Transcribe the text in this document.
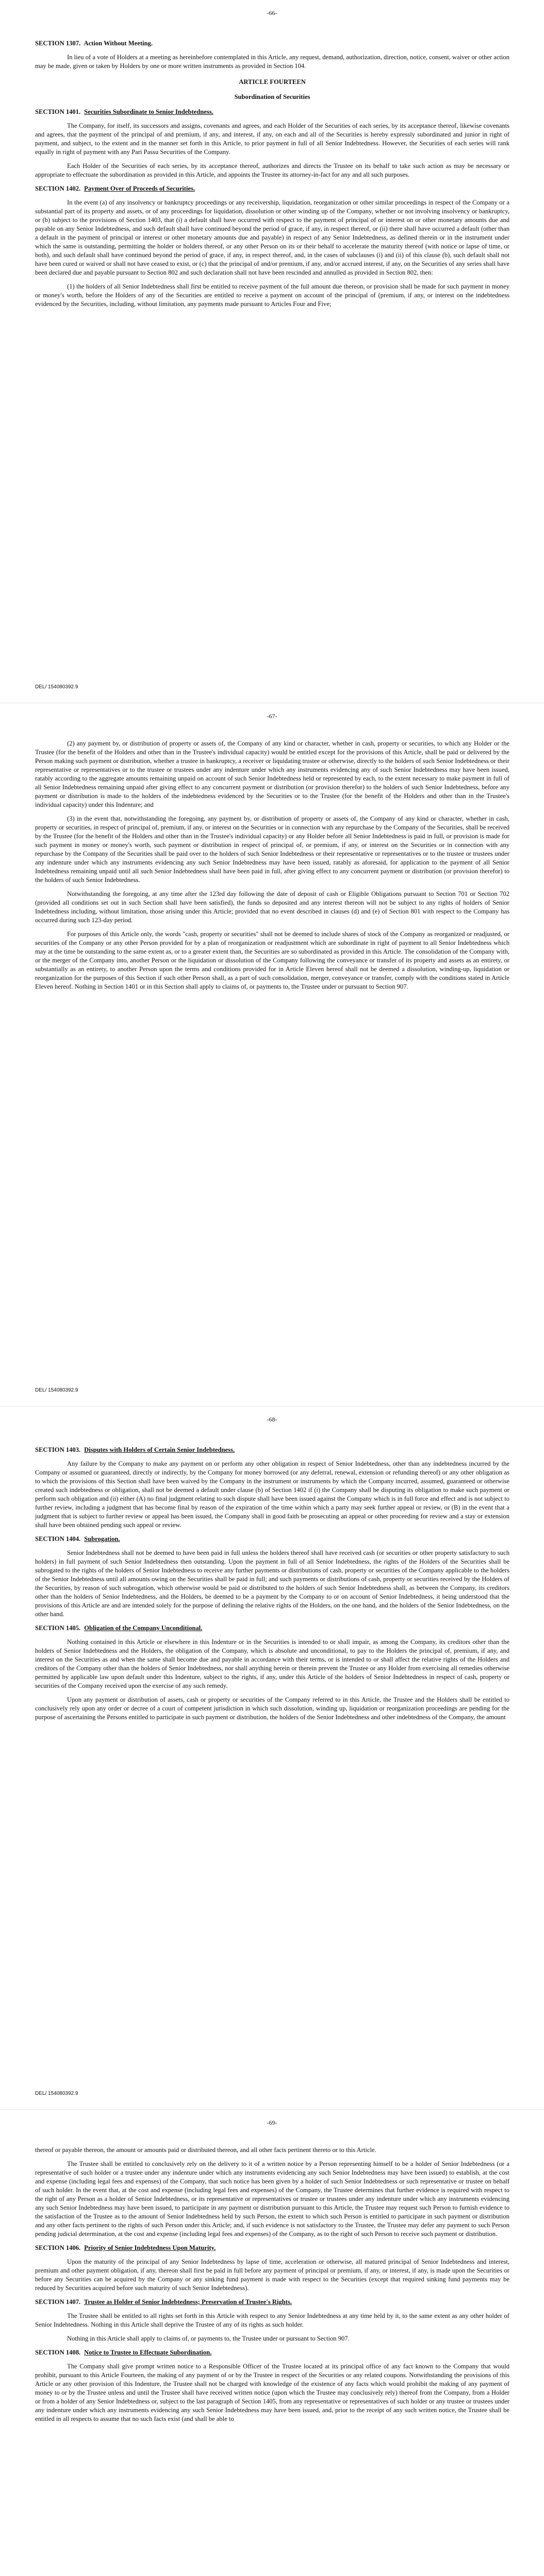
-66-
SECTION 1307. Action Without Meeting.

In lieu of a vote of Holders at a meeting as hereinbefore contemplated in this Article, any request, demand, authorization, direction, notice, consent, waiver or other action may be made, given or taken by Holders by one or more written instruments as provided in Section 104.

ARTICLE FOURTEEN

Subordination of Securities
SECTION 1401. Securities Subordinate to Senior Indebtedness.

The Company, for itself, its successors and assigns, covenants and agrees, and each Holder of the Securities of each series, by its acceptance thereof, likewise covenants and agrees, that the payment of the principal of and premium, if any, and interest, if any, on each and all of the Securities is hereby expressly subordinated and junior in right of payment, and subject, to the extent and in the manner set forth in this Article, to prior payment in full of all Senior Indebtedness. However, the Securities of each series will rank equally in right of payment with any Pari Passu Securities of the Company.

Each Holder of the Securities of each series, by its acceptance thereof, authorizes and directs the Trustee on its behalf to take such action as may be necessary or appropriate to effectuate the subordination as provided in this Article, and appoints the Trustee its attorney-in-fact for any and all such purposes.

SECTION 1402. Payment Over of Proceeds of Securities.

In the event (a) of any insolvency or bankruptcy proceedings or any receivership, liquidation, reorganization or other similar proceedings in respect of the Company or a substantial part of its property and assets, or of any proceedings for liquidation, dissolution or other winding up of the Company, whether or not involving insolvency or bankruptcy, or (b) subject to the provisions of Section 1403, that (i) a default shall have occurred with respect to the payment of principal of or interest on or other monetary amounts due and payable on any Senior Indebtedness, and such default shall have continued beyond the period of grace, if any, in respect thereof, or (ii) there shall have occurred a default (other than a default in the payment of principal or interest or other monetary amounts due and payable) in respect of any Senior Indebtedness, as defined therein or in the instrument under which the same is outstanding, permitting the holder or holders thereof, or any other Person on its or their behalf to accelerate the maturity thereof (with notice or lapse of time, or both), and such default shall have continued beyond the period of grace, if any, in respect thereof, and, in the cases of subclauses (i) and (ii) of this clause (b), such default shall not have been cured or waived or shall not have ceased to exist, or (c) that the principal of and/or premium, if any, and/or accrued interest, if any, on the Securities of any series shall have been declared due and payable pursuant to Section 802 and such declaration shall not have been rescinded and annulled as provided in Section 802, then:

(1) the holders of all Senior Indebtedness shall first be entitled to receive payment of the full amount due thereon, or provision shall be made for such payment in money or money's worth, before the Holders of any of the Securities are entitled to receive a payment on account of the principal of (premium, if any, or interest on the indebtedness evidenced by the Securities, including, without limitation, any payments made pursuant to Articles Four and Five;

DEL/ 154080392.9
-67-

(2) any payment by, or distribution of property or assets of, the Company of any kind or character, whether in cash, property or securities, to which any Holder or the Trustee (for the benefit of the Holders and other than in the Trustee's individual capacity) would be entitled except for the provisions of this Article, shall be paid or delivered by the Person making such payment or distribution, whether a trustee in bankruptcy, a receiver or liquidating trustee or otherwise, directly to the holders of such Senior Indebtedness or their representative or representatives or to the trustee or trustees under any indenture under which any instruments evidencing any of such Senior Indebtedness may have been issued, ratably according to the aggregate amounts remaining unpaid on account of such Senior Indebtedness held or represented by each, to the extent necessary to make payment in full of all Senior Indebtedness remaining unpaid after giving effect to any concurrent payment or distribution (or provision therefor) to the holders of such Senior Indebtedness, before any payment or distribution is made to the holders of the indebtedness evidenced by the Securities or to the Trustee (for the benefit of the Holders and other than in the Trustee's individual capacity) under this Indenture; and

(3) in the event that, notwithstanding the foregoing, any payment by, or distribution of property or assets of, the Company of any kind or character, whether in cash, property or securities, in respect of principal of, premium, if any, or interest on the Securities or in connection with any repurchase by the Company of the Securities, shall be received by the Trustee (for the benefit of the Holders and other than in the Trustee's individual capacity) or any Holder before all Senior Indebtedness is paid in full, or provision is made for such payment in money or money's worth, such payment or distribution in respect of principal of, or premium, if any, or interest on the Securities or in connection with any repurchase by the Company of the Securities shall be paid over to the holders of such Senior Indebtedness or their representative or representatives or to the trustee or trustees under any indenture under which any instruments evidencing any such Senior Indebtedness may have been issued, ratably as aforesaid, for application to the payment of all Senior Indebtedness remaining unpaid until all such Senior Indebtedness shall have been paid in full, after giving effect to any concurrent payment or distribution (or provision therefor) to the holders of such Senior Indebtedness.

Notwithstanding the foregoing, at any time after the 123rd day following the date of deposit of cash or Eligible Obligations pursuant to Section 701 or Section 702 (provided all conditions set out in such Section shall have been satisfied), the funds so deposited and any interest thereon will not be subject to any rights of holders of Senior Indebtedness including, without limitation, those arising under this Article; provided that no event described in clauses (d) and (e) of Section 801 with respect to the Company has occurred during such 123-day period.

For purposes of this Article only, the words "cash, property or securities" shall not be deemed to include shares of stock of the Company as reorganized or readjusted, or securities of the Company or any other Person provided for by a plan of reorganization or readjustment which are subordinate in right of payment to all Senior Indebtedness which may at the time be outstanding to the same extent as, or to a greater extent than, the Securities are so subordinated as provided in this Article. The consolidation of the Company with, or the merger of the Company into, another Person or the liquidation or dissolution of the Company following the conveyance or transfer of its property and assets as an entirety, or substantially as an entirety, to another Person upon the terms and conditions provided for in Article Eleven hereof shall not be deemed a dissolution, winding-up, liquidation or reorganization for the purposes of this Section if such other Person shall, as a part of such consolidation, merger, conveyance or transfer, comply with the conditions stated in Article Eleven hereof. Nothing in Section 1401 or in this Section shall apply to claims of, or payments to, the Trustee under or pursuant to Section 907.

DEL/ 154080392.9
-68-
SECTION 1403. Disputes with Holders of Certain Senior Indebtedness.

Any failure by the Company to make any payment on or perform any other obligation in respect of Senior Indebtedness, other than any indebtedness incurred by the Company or assumed or guaranteed, directly or indirectly, by the Company for money borrowed (or any deferral, renewal, extension or refunding thereof) or any other obligation as to which the provisions of this Section shall have been waived by the Company in the instrument or instruments by which the Company incurred, assumed, guaranteed or otherwise created such indebtedness or obligation, shall not be deemed a default under clause (b) of Section 1402 if (i) the Company shall be disputing its obligation to make such payment or perform such obligation and (ii) either (A) no final judgment relating to such dispute shall have been issued against the Company which is in full force and effect and is not subject to further review, including a judgment that has become final by reason of the expiration of the time within which a party may seek further appeal or review, or (B) in the event that a judgment that is subject to further review or appeal has been issued, the Company shall in good faith be prosecuting an appeal or other proceeding for review and a stay or extension shall have been obtained pending such appeal or review.

SECTION 1404. Subrogation.

Senior Indebtedness shall not be deemed to have been paid in full unless the holders thereof shall have received cash (or securities or other property satisfactory to such holders) in full payment of such Senior Indebtedness then outstanding. Upon the payment in full of all Senior Indebtedness, the rights of the Holders of the Securities shall be subrogated to the rights of the holders of Senior Indebtedness to receive any further payments or distributions of cash, property or securities of the Company applicable to the holders of the Senior Indebtedness until all amounts owing on the Securities shall be paid in full; and such payments or distributions of cash, property or securities received by the Holders of the Securities, by reason of such subrogation, which otherwise would be paid or distributed to the holders of such Senior Indebtedness shall, as between the Company, its creditors other than the holders of Senior Indebtedness, and the Holders, be deemed to be a payment by the Company to or on account of Senior Indebtedness, it being understood that the provisions of this Article are and are intended solely for the purpose of defining the relative rights of the Holders, on the one hand, and the holders of the Senior Indebtedness, on the other hand.

SECTION 1405. Obligation of the Company Unconditional.

Nothing contained in this Article or elsewhere in this Indenture or in the Securities is intended to or shall impair, as among the Company, its creditors other than the holders of Senior Indebtedness and the Holders, the obligation of the Company, which is absolute and unconditional, to pay to the Holders the principal of, premium, if any, and interest on the Securities as and when the same shall become due and payable in accordance with their terms, or is intended to or shall affect the relative rights of the Holders and creditors of the Company other than the holders of Senior Indebtedness, nor shall anything herein or therein prevent the Trustee or any Holder from exercising all remedies otherwise permitted by applicable law upon default under this Indenture, subject to the rights, if any, under this Article of the holders of Senior Indebtedness in respect of cash, property or securities of the Company received upon the exercise of any such remedy.

Upon any payment or distribution of assets, cash or property or securities of the Company referred to in this Article, the Trustee and the Holders shall be entitled to conclusively rely upon any order or decree of a court of competent jurisdiction in which such dissolution, winding up, liquidation or reorganization proceedings are pending for the purpose of ascertaining the Persons entitled to participate in such payment or distribution, the holders of the Senior Indebtedness and other indebtedness of the Company, the amount

DEL/ 154080392.9
-69-

thereof or payable thereon, the amount or amounts paid or distributed thereon, and all other facts pertinent thereto or to this Article.

The Trustee shall be entitled to conclusively rely on the delivery to it of a written notice by a Person representing himself to be a holder of Senior Indebtedness (or a representative of such holder or a trustee under any indenture under which any instruments evidencing any such Senior Indebtedness may have been issued) to establish, at the cost and expense (including legal fees and expenses) of the Company, that such notice has been given by a holder of such Senior Indebtedness or such representative or trustee on behalf of such holder. In the event that, at the cost and expense (including legal fees and expenses) of the Company, the Trustee determines that further evidence is required with respect to the right of any Person as a holder of Senior Indebtedness, or its representative or representatives or trustee or trustees under any indenture under which any instruments evidencing any such Senior Indebtedness may have been issued, to participate in any payment or distribution pursuant to this Article, the Trustee may request such Person to furnish evidence to the satisfaction of the Trustee as to the amount of Senior Indebtedness held by such Person, the extent to which such Person is entitled to participate in such payment or distribution and any other facts pertinent to the rights of such Person under this Article; and, if such evidence is not satisfactory to the Trustee, the Trustee may defer any payment to such Person pending judicial determination, at the cost and expense (including legal fees and expenses) of the Company, as to the right of such Person to receive such payment or distribution.

SECTION 1406. Priority of Senior Indebtedness Upon Maturity.

Upon the maturity of the principal of any Senior Indebtedness by lapse of time, acceleration or otherwise, all matured principal of Senior Indebtedness and interest, premium and other payment obligation, if any, thereon shall first be paid in full before any payment of principal or premium, if any, or interest, if any, is made upon the Securities or before any Securities can be acquired by the Company or any sinking fund payment is made with respect to the Securities (except that required sinking fund payments may be reduced by Securities acquired before such maturity of such Senior Indebtedness).

SECTION 1407. Trustee as Holder of Senior Indebtedness; Preservation of Trustee's Rights.

The Trustee shall be entitled to all rights set forth in this Article with respect to any Senior Indebtedness at any time held by it, to the same extent as any other holder of Senior Indebtedness. Nothing in this Article shall deprive the Trustee of any of its rights as such holder.

Nothing in this Article shall apply to claims of, or payments to, the Trustee under or pursuant to Section 907.

SECTION 1408. Notice to Trustee to Effectuate Subordination.

The Company shall give prompt written notice to a Responsible Officer of the Trustee located at its principal office of any fact known to the Company that would prohibit, pursuant to this Article Fourteen, the making of any payment of or by the Trustee in respect of the Securities or any related coupons. Notwithstanding the provisions of this Article or any other provision of this Indenture, the Trustee shall not be charged with knowledge of the existence of any facts which would prohibit the making of any payment of money to or by the Trustee unless and until the Trustee shall have received written notice (upon which the Trustee may conclusively rely) thereof from the Company, from a Holder or from a holder of any Senior Indebtedness or, subject to the last paragraph of Section 1405, from any representative or representatives of such holder or any trustee or trustees under any indenture under which any instruments evidencing any such Senior Indebtedness may have been issued, and, prior to the receipt of any such written notice, the Trustee shall be entitled in all respects to assume that no such facts exist (and shall be able to
